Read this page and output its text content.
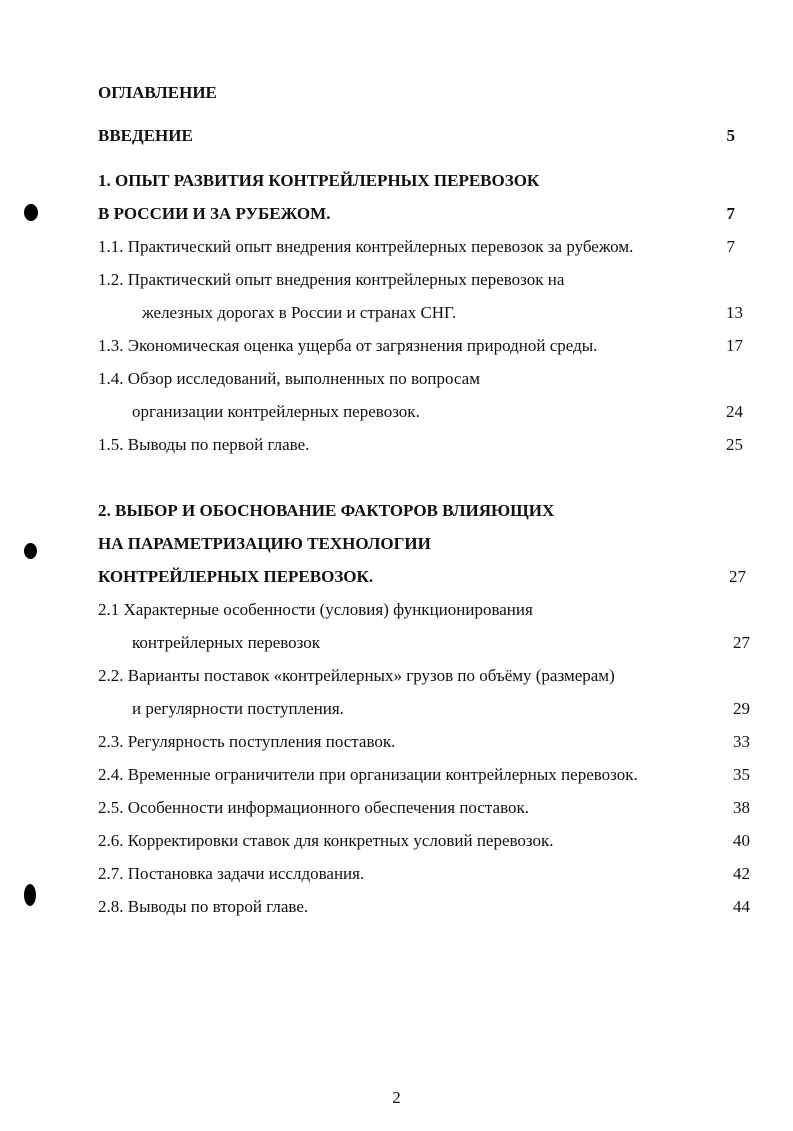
ОГЛАВЛЕНИЕ
ВВЕДЕНИЕ	5
1. ОПЫТ РАЗВИТИЯ КОНТРЕЙЛЕРНЫХ ПЕРЕВОЗОК
В РОССИИ И ЗА РУБЕЖОМ.	7
1.1. Практический опыт внедрения контрейлерных перевозок за рубежом.	7
1.2. Практический опыт внедрения контрейлерных перевозок на
железных дорогах в России и странах СНГ.	13
1.3. Экономическая оценка ущерба от загрязнения природной среды.	17
1.4. Обзор исследований, выполненных по вопросам
организации контрейлерных перевозок.	24
1.5. Выводы по первой главе.	25
2. ВЫБОР И ОБОСНОВАНИЕ ФАКТОРОВ ВЛИЯЮЩИХ
НА ПАРАМЕТРИЗАЦИЮ ТЕХНОЛОГИИ
КОНТРЕЙЛЕРНЫХ ПЕРЕВОЗОК.	27
2.1 Характерные особенности (условия) функционирования
контрейлерных перевозок	27
2.2. Варианты поставок «контрейлерных» грузов по объёму (размерам)
и регулярности поступления.	29
2.3. Регулярность поступления поставок.	33
2.4. Временные ограничители при организации контрейлерных перевозок.	35
2.5. Особенности информационного обеспечения поставок.	38
2.6. Корректировки ставок для конкретных условий перевозок.	40
2.7. Постановка задачи исслдования.	42
2.8. Выводы по второй главе.	44
2
